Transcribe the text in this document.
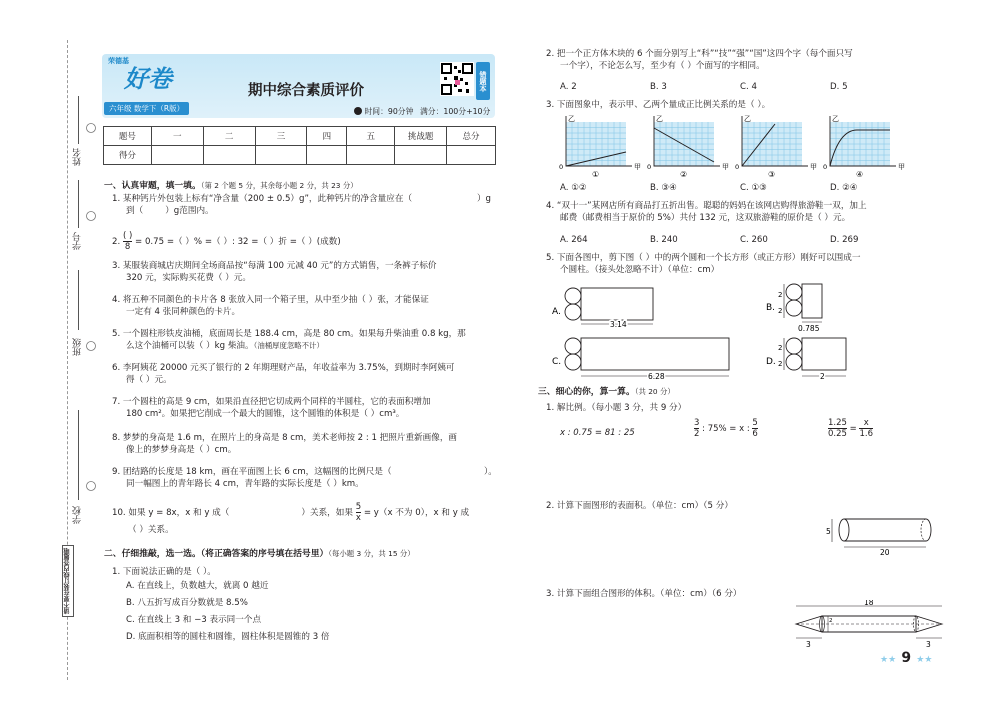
姓名
学号
班级
学校
请不要在装订线内答题哦
荣德基
好卷
六年级 数学下（R版）
期中综合素质评价
时间：90分钟 满分：100分+10分
错题本
题号	一	二	三	四	五	挑战题	总分
得分							
一、认真审题，填一填。（第 2 个题 5 分，其余每小题 2 分，共 23 分）
1. 某种钙片外包装上标有“净含量（200 ± 0.5）g”，此种钙片的净含量应在（	）g

到（	）g范围内。
2. $\frac{( )}{8} = 0.75$ =（ ）% =（ ）: 32 =（ ）折 =（ ）(成数)
3. 某服装商城店庆期间全场商品按“每满 100 元减 40 元”的方式销售，一条裤子标价
320 元，实际购买花费（ ）元。
4. 将五种不同颜色的卡片各 8 张放入同一个箱子里，从中至少抽（ ）张，才能保证
一定有 4 张同种颜色的卡片。
5. 一个圆柱形铁皮油桶，底面周长是 188.4 cm，高是 80 cm。如果每升柴油重 0.8 kg，那
么这个油桶可以装（ ）kg 柴油。（油桶厚度忽略不计）
6. 李阿姨花 20000 元买了银行的 2 年期理财产品，年收益率为 3.75%，到期时李阿姨可
得（ ）元。
7. 一个圆柱的高是 9 cm，如果沿直径把它切成两个同样的半圆柱，它的表面积增加
180 cm²。如果把它削成一个最大的圆锥，这个圆锥的体积是（ ）cm³。
8. 梦梦的身高是 1.6 m，在照片上的身高是 8 cm，美术老师按 2 : 1 把照片重新画像，画
像上的梦梦身高是（ ）cm。
9. 团结路的长度是 18 km，画在平面图上长 6 cm，这幅图的比例尺是（	）。

同一幅图上的青年路长 4 cm，青年路的实际长度是（ ）km。
10. 如果 y = 8x，x 和 y 成（	）关系，如果 $\frac{5}{x} = y(x$ 不为 0），x 和 y 成
（ ）关系。
二、仔细推敲，选一选。（将正确答案的序号填在括号里）（每小题 3 分，共 15 分）
1. 下面说法正确的是（ ）。
A. 在直线上，负数越大，就离 0 越近
B. 八五折写成百分数就是 8.5%
C. 在直线上 3 和 −3 表示同一个点
D. 底面积相等的圆柱和圆锥，圆柱体积是圆锥的 3 倍
2. 把一个正方体木块的 6 个面分别写上“科”“技”“强”“国”这四个字（每个面只写
一个字），不论怎么写，至少有（ ）个面写的字相同。
A. 2	B. 3	C. 4	D. 5
3. 下面图象中，表示甲、乙两个量成正比例关系的是（ ）。
乙
甲
0
①
乙
甲
0
②
乙
甲
0
③
乙
甲
0
④
A. ①②	B. ③④	C. ①③	D. ②④
4. “双十一”某网店所有商品打五折出售。聪聪的妈妈在该网店购得旅游鞋一双，加上
邮费（邮费相当于原价的 5%）共付 132 元，这双旅游鞋的原价是（ ）元。
A. 264	B. 240	C. 260	D. 269
5. 下面各图中，剪下图（ ）中的两个圆和一个长方形（或正方形）刚好可以围成一
个圆柱。（接头处忽略不计）（单位：cm）
A.
3.14
B.
2
2
0.785
C.
6.28
D.
2
2
2
三、细心的你，算一算。（共 20 分）
1. 解比例。（每小题 3 分，共 9 分）
x : 0.75 = 81 : 25	$\frac{3}{2}$ : 75% = x : $\frac{5}{6}$	$\frac{1.25}{0.25} = \frac{x}{1.6}$
2. 计算下面图形的表面积。（单位：cm）（5 分）
5
20
3. 计算下面组合图形的体积。（单位：cm）（6 分）
18
2
3	3
★★ 9 ★★
